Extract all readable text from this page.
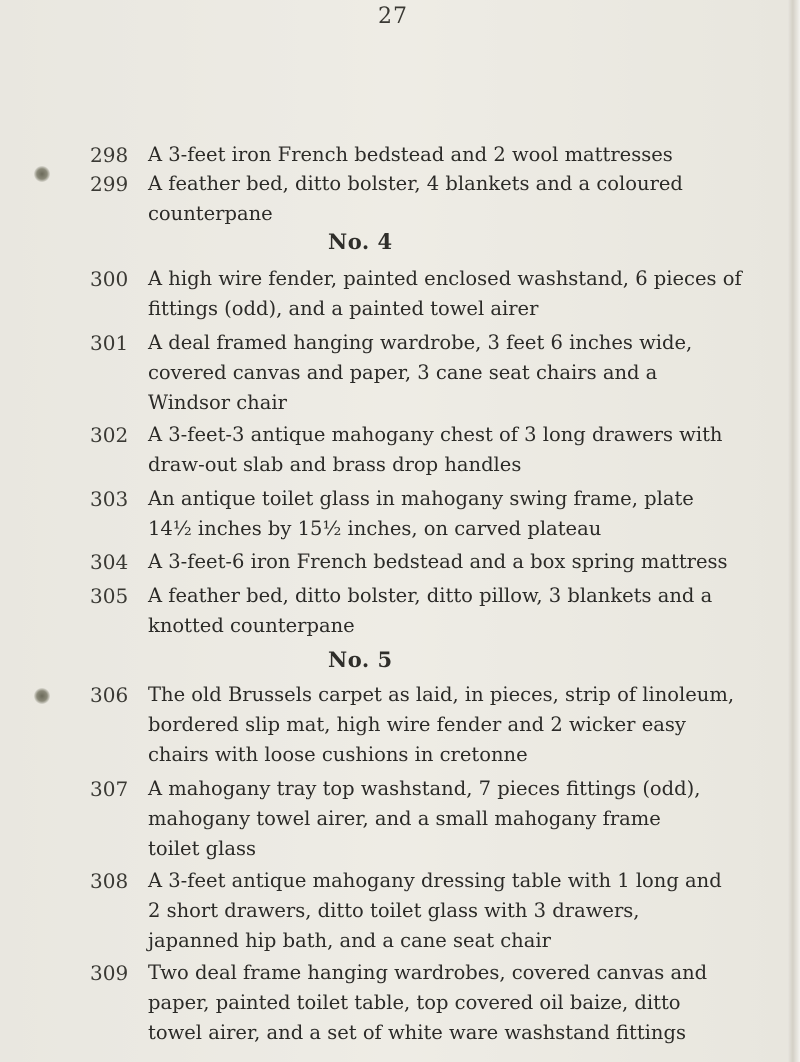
27
298	A 3-feet iron French bedstead and 2 wool mattresses
299	A feather bed, ditto bolster, 4 blankets and a coloured
counterpane
No. 4
300	A high wire fender, painted enclosed washstand, 6 pieces of
fittings (odd), and a painted towel airer
301	A deal framed hanging wardrobe, 3 feet 6 inches wide,
covered canvas and paper, 3 cane seat chairs and a
Windsor chair
302	A 3-feet-3 antique mahogany chest of 3 long drawers with
draw-out slab and brass drop handles
303	An antique toilet glass in mahogany swing frame, plate
14½ inches by 15½ inches, on carved plateau
304	A 3-feet-6 iron French bedstead and a box spring mattress
305	A feather bed, ditto bolster, ditto pillow, 3 blankets and a
knotted counterpane
No. 5
306	The old Brussels carpet as laid, in pieces, strip of linoleum,
bordered slip mat, high wire fender and 2 wicker easy
chairs with loose cushions in cretonne
307	A mahogany tray top washstand, 7 pieces fittings (odd),
mahogany towel airer, and a small mahogany frame
toilet glass
308	A 3-feet antique mahogany dressing table with 1 long and
2 short drawers, ditto toilet glass with 3 drawers,
japanned hip bath, and a cane seat chair
309	Two deal frame hanging wardrobes, covered canvas and
paper, painted toilet table, top covered oil baize, ditto
towel airer, and a set of white ware washstand fittings
